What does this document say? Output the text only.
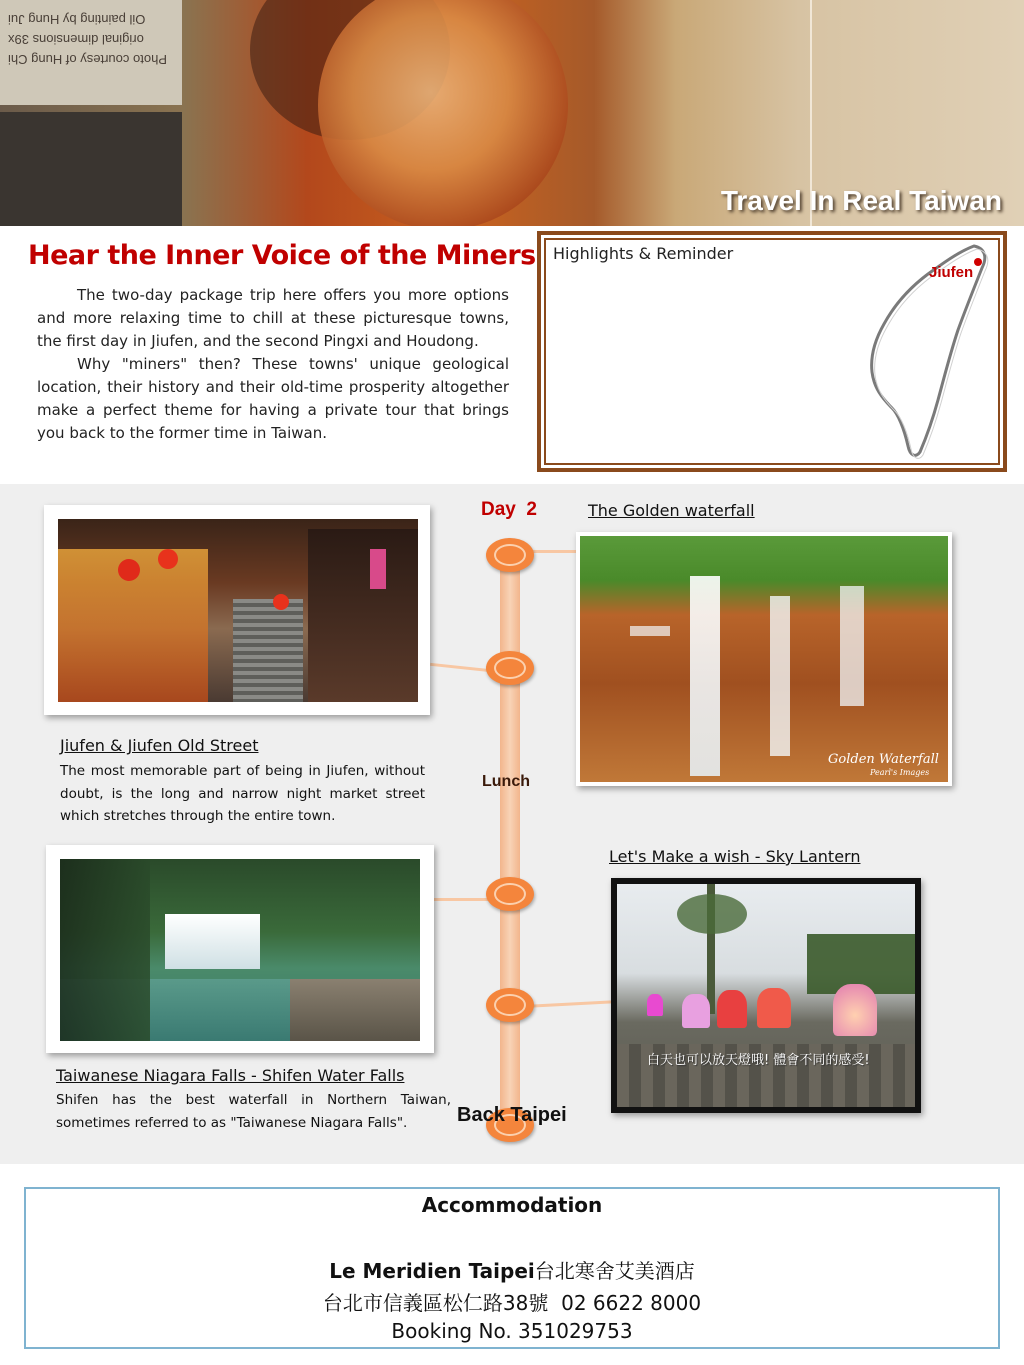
Oil painting by Hung Jui
original dimensions 39x
Photo courtesy of Hung Chi
Travel In Real Taiwan
Hear the Inner Voice of the Miners

The two-day package trip here offers you more options and more relaxing time to chill at these picturesque towns, the first day in Jiufen, and the second Pingxi and Houdong.

Why "miners" then? These towns' unique geological location, their history and their old-time prosperity altogether make a perfect theme for having a private tour that brings you back to the former time in Taiwan.

Highlights & Reminder
Jiufen
Day  2
Lunch
Back Taipei
Jiufen & Jiufen Old Street
The most memorable part of being in Jiufen, without doubt, is the long and narrow night market street which stretches through the entire town.
Golden Waterfall
Pearl's Images
The Golden waterfall
Taiwanese Niagara Falls - Shifen Water Falls
Shifen has the best waterfall in Northern Taiwan, sometimes referred to as "Taiwanese Niagara Falls".
白天也可以放天燈哦! 體會不同的感受!
Let's Make a wish - Sky Lantern
Accommodation
Le Meridien Taipei台北寒舍艾美酒店
台北市信義區松仁路38號 02 6622 8000
Booking No. 351029753
